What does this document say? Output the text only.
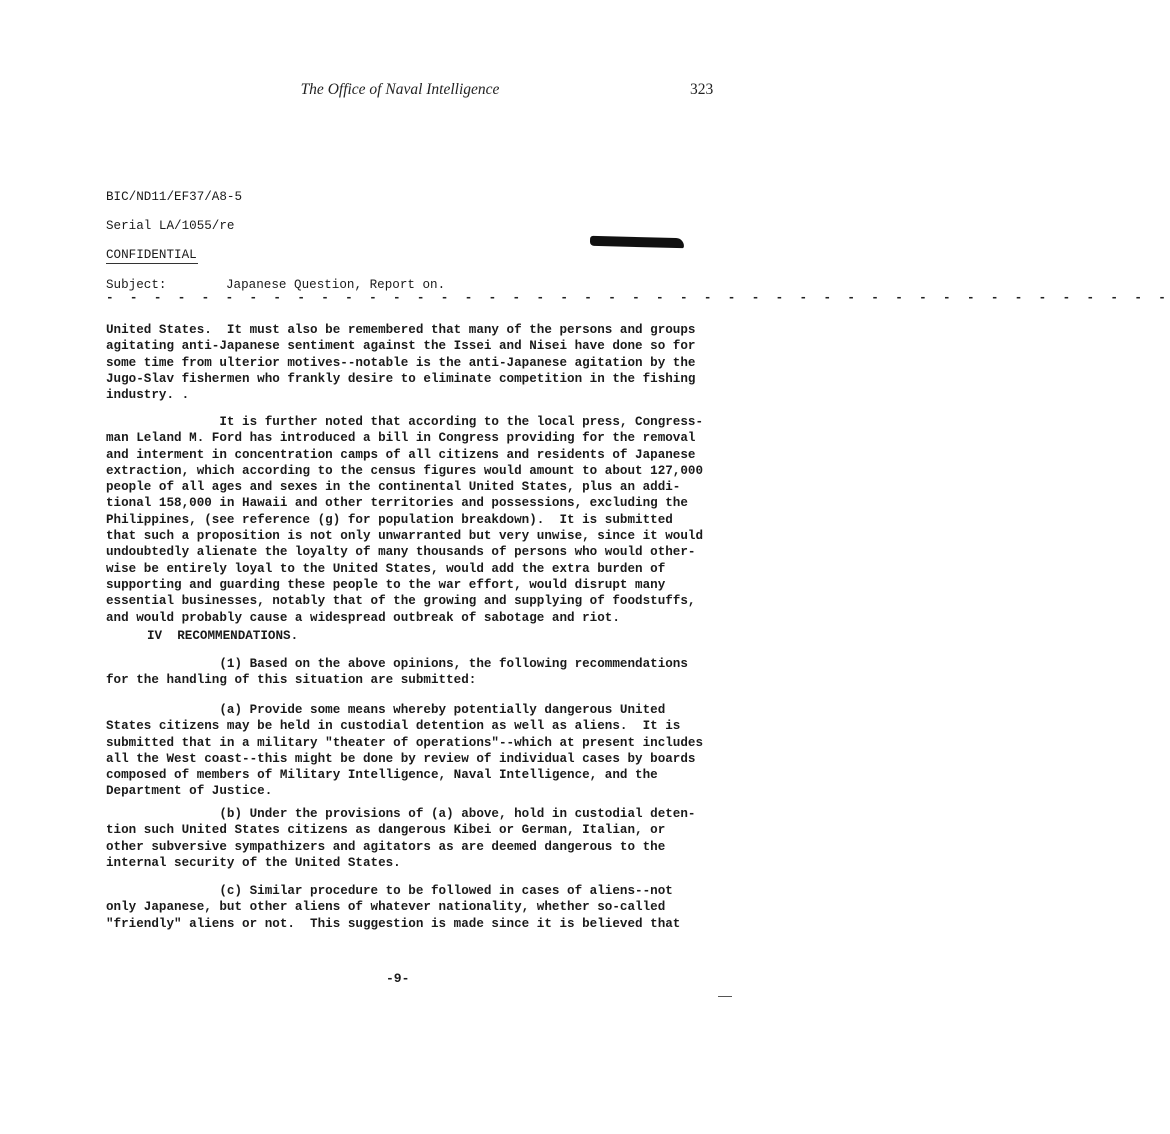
The Office of Naval Intelligence	323
BIC/ND11/EF37/A8-5
Serial LA/1055/re
CONFIDENTIAL
Subject:	Japanese Question, Report on.
- - - - - - - - - - - - - - - - - - - - - - - - - - - - - - - - - - - - - - - - - - - - -
United States.  It must also be remembered that many of the persons and groups
agitating anti-Japanese sentiment against the Issei and Nisei have done so for
some time from ulterior motives--notable is the anti-Japanese agitation by the
Jugo-Slav fishermen who frankly desire to eliminate competition in the fishing
industry. .
It is further noted that according to the local press, Congress-
man Leland M. Ford has introduced a bill in Congress providing for the removal
and interment in concentration camps of all citizens and residents of Japanese
extraction, which according to the census figures would amount to about 127,000
people of all ages and sexes in the continental United States, plus an addi-
tional 158,000 in Hawaii and other territories and possessions, excluding the
Philippines, (see reference (g) for population breakdown).  It is submitted
that such a proposition is not only unwarranted but very unwise, since it would
undoubtedly alienate the loyalty of many thousands of persons who would other-
wise be entirely loyal to the United States, would add the extra burden of
supporting and guarding these people to the war effort, would disrupt many
essential businesses, notably that of the growing and supplying of foodstuffs,
and would probably cause a widespread outbreak of sabotage and riot.
IV  RECOMMENDATIONS.
(1) Based on the above opinions, the following recommendations
for the handling of this situation are submitted:
(a) Provide some means whereby potentially dangerous United
States citizens may be held in custodial detention as well as aliens.  It is
submitted that in a military "theater of operations"--which at present includes
all the West coast--this might be done by review of individual cases by boards
composed of members of Military Intelligence, Naval Intelligence, and the
Department of Justice.
(b) Under the provisions of (a) above, hold in custodial deten-
tion such United States citizens as dangerous Kibei or German, Italian, or
other subversive sympathizers and agitators as are deemed dangerous to the
internal security of the United States.
(c) Similar procedure to be followed in cases of aliens--not
only Japanese, but other aliens of whatever nationality, whether so-called
"friendly" aliens or not.  This suggestion is made since it is believed that
-9-
